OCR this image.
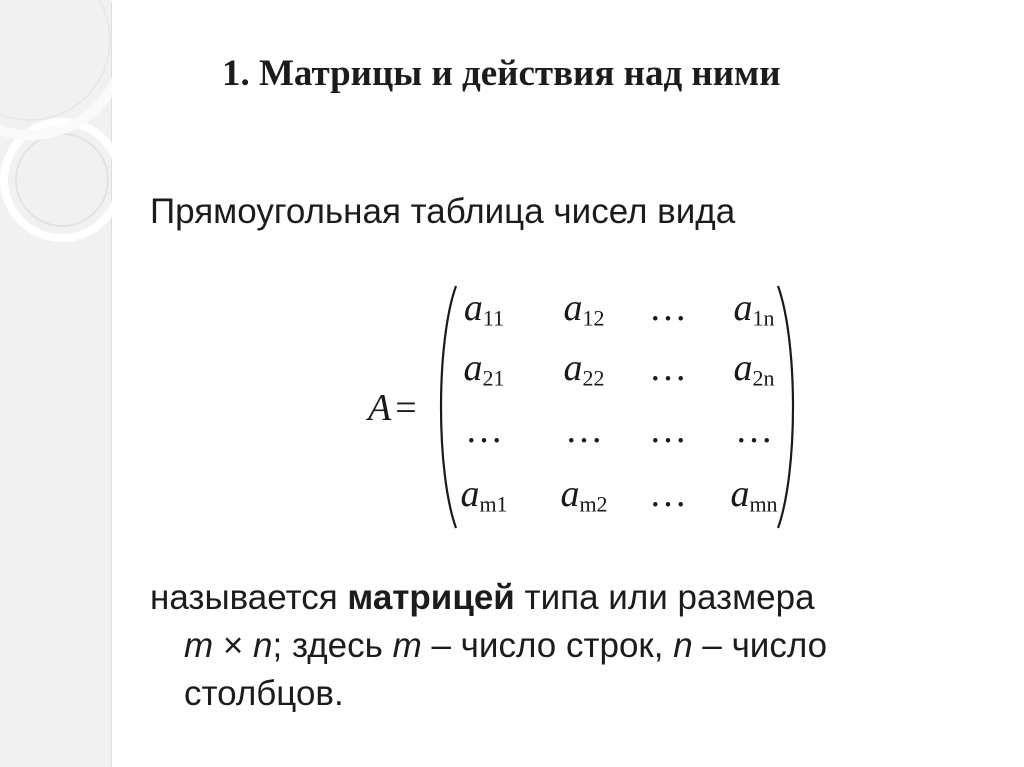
1. Матрицы и действия над ними
Прямоугольная таблица чисел вида
A =
$a_{11}$ $a_{12}$ … $a_{1n}$
$a_{21}$ $a_{22}$ … $a_{2n}$
… … … …
$a_{m1}$ $a_{m2}$ … $a_{mn}$
называется матрицей типа или размера
m × n; здесь m – число строк, n – число
столбцов.
